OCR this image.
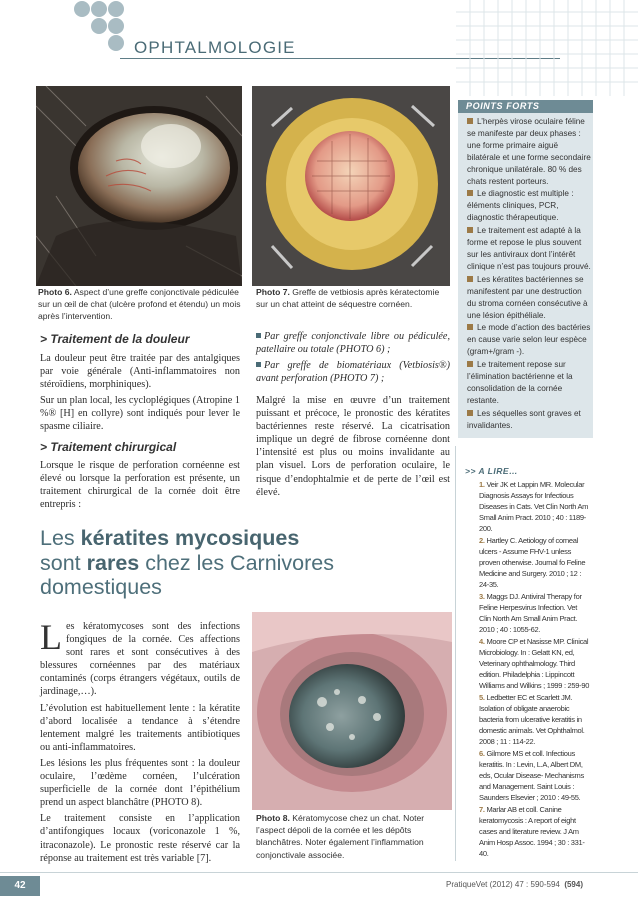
OPHTALMOLOGIE
Photo 6. Aspect d’une greffe conjonctivale pédiculée sur un œil de chat (ulcère profond et étendu) un mois après l’intervention.
Photo 7. Greffe de vetbiosis après kératectomie sur un chat atteint de séquestre cornéen.
> Traitement de la douleur

La douleur peut être traitée par des antalgiques par voie générale (Anti-inflammatoires non stéroïdiens, morphiniques).

Sur un plan local, les cycloplégiques (Atropine 1 %® [H] en collyre) sont indiqués pour lever le spasme ciliaire.

> Traitement chirurgical

Lorsque le risque de perforation cornéenne est élevé ou lorsque la perforation est présente, un traitement chirurgical de la cornée doit être entrepris :

Par greffe conjonctivale libre ou pédiculée, patellaire ou totale (PHOTO 6) ;

Par greffe de biomatériaux (Vetbiosis®) avant perforation (PHOTO 7) ;

Malgré la mise en œuvre d’un traitement puissant et précoce, le pronostic des kératites bactériennes reste réservé. La cicatrisation implique un degré de fibrose cornéenne dont l’intensité est plus ou moins invalidante au plan visuel. Lors de perforation oculaire, le risque d’endophtalmie et de perte de l’œil est élevé.

Les kératites mycosiques
sont rares chez les Carnivores
domestiques

Les kératomycoses sont des infections fongiques de la cornée. Ces affections sont rares et sont consécutives à des blessures cornéennes par des matériaux contaminés (corps étrangers végétaux, outils de jardinage,…).

L’évolution est habituellement lente : la kératite d’abord localisée a tendance à s’étendre lentement malgré les traitements antibiotiques ou anti-inflammatoires.

Les lésions les plus fréquentes sont : la douleur oculaire, l’œdème cornéen, l’ulcération superficielle de la cornée dont l’épithélium prend un aspect blanchâtre (PHOTO 8).

Le traitement consiste en l’application d’antifongiques locaux (voriconazole 1 %, itraconazole). Le pronostic reste réservé car la réponse au traitement est très variable [7].

Photo 8. Kératomycose chez un chat. Noter l’aspect dépoli de la cornée et les dépôts blanchâtres. Noter également l’inflammation conjonctivale associée.
POINTS FORTS
L’herpès virose oculaire féline se manifeste par deux phases : une forme primaire aiguë bilatérale et une forme secondaire chronique unilatérale. 80 % des chats restent porteurs.
Le diagnostic est multiple : éléments cliniques, PCR, diagnostic thérapeutique.
Le traitement est adapté à la forme et repose le plus souvent sur les antiviraux dont l’intérêt clinique n’est pas toujours prouvé.
Les kératites bactériennes se manifestent par une destruction du stroma cornéen consécutive à une lésion épithéliale.
Le mode d’action des bactéries en cause varie selon leur espèce (gram+/gram -).
Le traitement repose sur l’élimination bactérienne et la consolidation de la cornée restante.
Les séquelles sont graves et invalidantes.
>> A LIRE…
1. Veir JK et Lappin MR. Molecular Diagnosis Assays for Infectious Diseases in Cats. Vet Clin North Am Small Anim Pract. 2010 ; 40 : 1189-200.
2. Hartley C. Aetiology of corneal ulcers - Assume FHV-1 unless proven otherwise. Journal fo Feline Medicine and Surgery. 2010 ; 12 : 24-35.
3. Maggs DJ. Antiviral Therapy for Feline Herpesvirus Infection. Vet Clin North Am Small Anim Pract. 2010 ; 40 : 1055-62.
4. Moore CP et Nasisse MP. Clinical Microbiology. In : Gelatt KN, ed, Veterinary ophthalmology. Third edition. Philadelphia : Lippincott Williams and Wilkins ; 1999 : 259-90
5. Ledbetter EC et Scarlett JM. Isolation of obligate anaerobic bacteria from ulcerative keratitis in domestic animals. Vet Ophthalmol. 2008 ; 11 : 114-22.
6. Gilmore MS et coll. Infectious keratitis. In : Levin, L.A, Albert DM, eds, Ocular Disease- Mechanisms and Management. Saint Louis : Saunders Elsevier ; 2010 : 49-55.
7. Marlar AB et coll. Canine keratomycosis : A report of eight cases and literature review. J Am Anim Hosp Assoc. 1994 ; 30 : 331-40.
42	PratiqueVet (2012) 47 : 590-594 (594)
